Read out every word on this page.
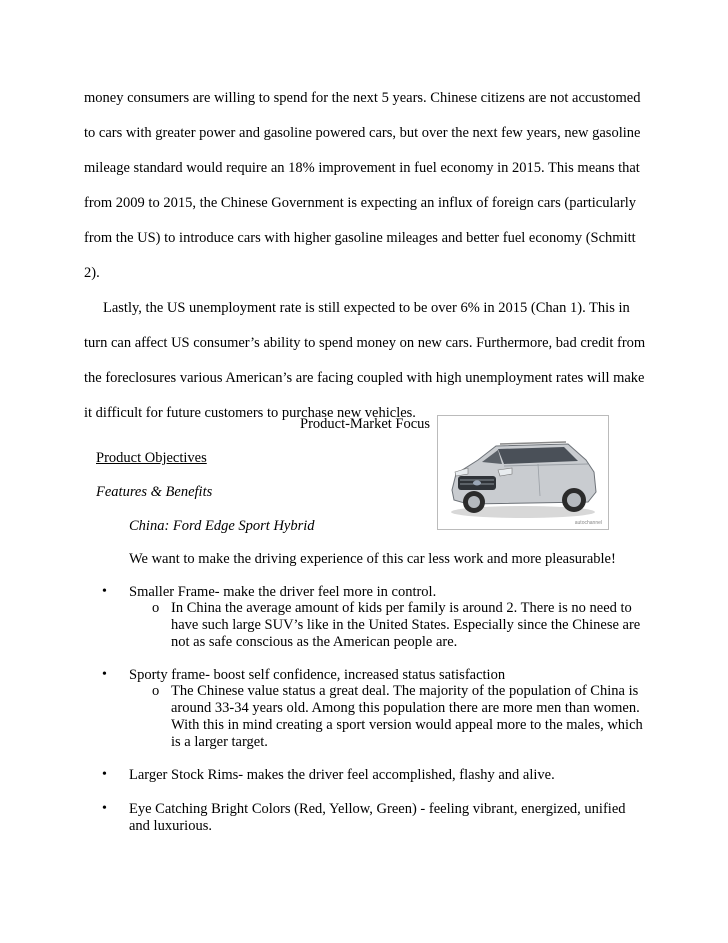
money consumers are willing to spend for the next 5 years. Chinese citizens are not accustomed
to cars with greater power and gasoline powered cars, but over the next few years, new gasoline
mileage standard would require an 18% improvement in fuel economy in 2015. This means that
from 2009 to 2015, the Chinese Government is expecting an influx of foreign cars (particularly
from the US) to introduce cars with higher gasoline mileages and better fuel economy (Schmitt
2).
Lastly, the US unemployment rate is still expected to be over 6% in 2015 (Chan 1). This in
turn can affect US consumer’s ability to spend money on new cars. Furthermore, bad credit from
the foreclosures various American’s are facing coupled with high unemployment rates will make
it difficult for future customers to purchase new vehicles.
Product-Market Focus
autochannel
Product Objectives
Features & Benefits
China: Ford Edge Sport Hybrid
We want to make the driving experience of this car less work and more pleasurable!
• Smaller Frame- make the driver feel more in control.
o In China the average amount of kids per family is around 2. There is no need to
have such large SUV’s like in the United States. Especially since the Chinese are
not as safe conscious as the American people are.
• Sporty frame- boost self confidence, increased status satisfaction
o The Chinese value status a great deal. The majority of the population of China is
around 33-34 years old. Among this population there are more men than women.
With this in mind creating a sport version would appeal more to the males, which
is a larger target.
• Larger Stock Rims- makes the driver feel accomplished, flashy and alive.
• Eye Catching Bright Colors (Red, Yellow, Green) - feeling vibrant, energized, unified
and luxurious.
